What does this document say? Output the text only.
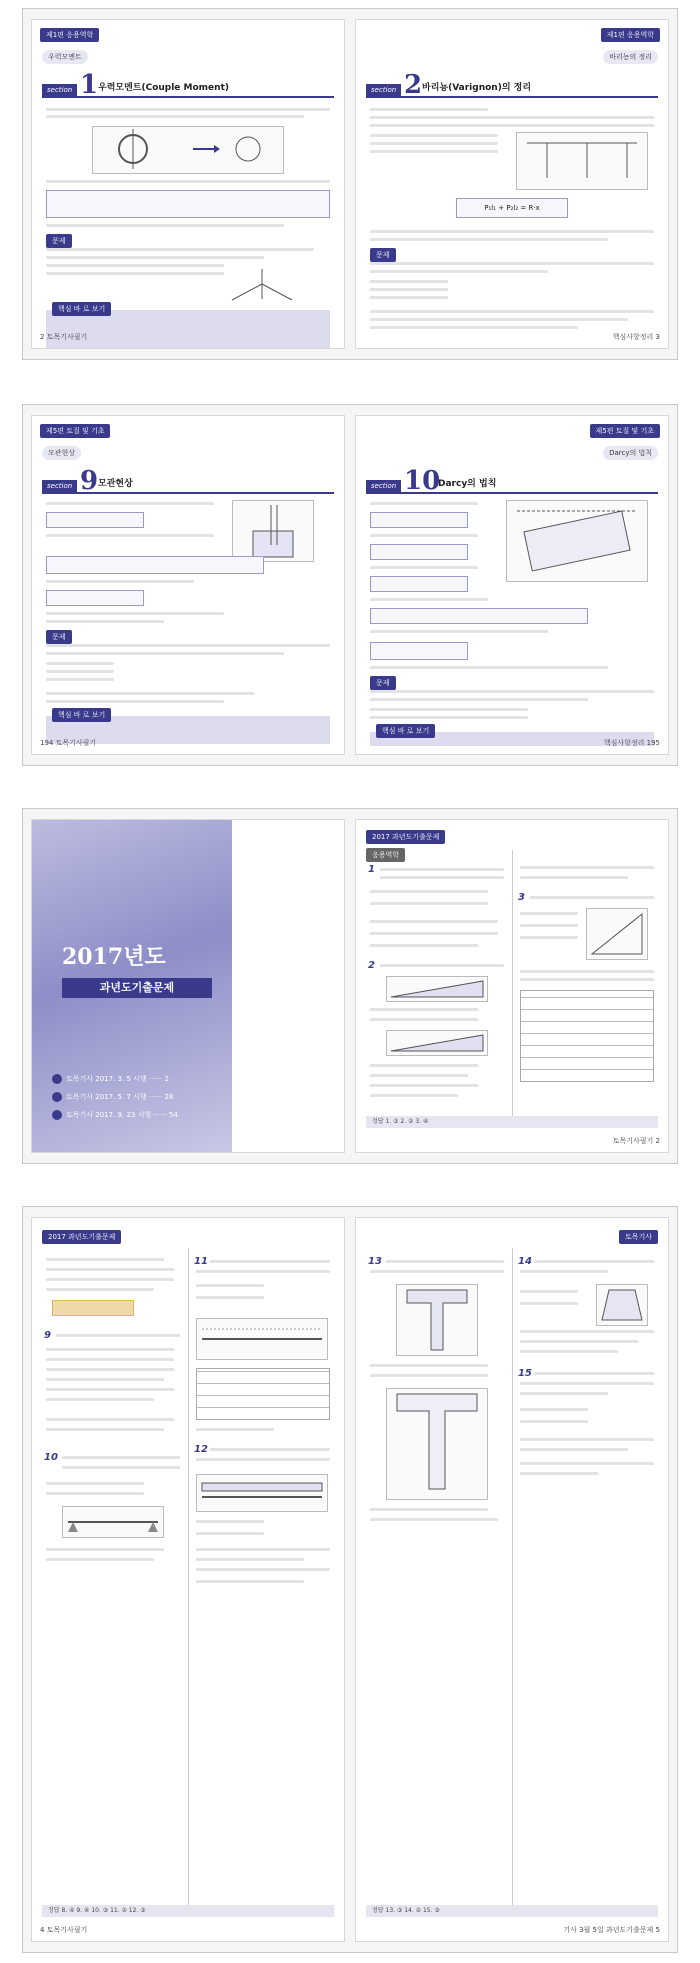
제1편 응용역학
우력모멘트
section 1 우력모멘트(Couple Moment)
문제
핵심 바 로 보기
2 토목기사필기
제1편 응용역학
바리뇽의 정리
section 2 바리뇽(Varignon)의 정리
P₁l₁ + P₂l₂ = R·x
문제
핵심사항정리 3
제5편 토질 및 기초
모관현상
section 9 모관현상
문제
핵심 바 로 보기
194 토목기사필기
제5편 토질 및 기초
Darcy의 법칙
section 10
Darcy의 법칙
문제
핵심 바 로 보기
핵심사항정리 195
2017년도
과년도기출문제
토목기사 2017. 3. 5 시행 ······ 2
토목기사 2017. 5. 7 시행 ······ 28
토목기사 2017. 9. 23 시행 ······ 54
2017 과년도기출문제
응용역학
1
2
3
정답 1. ③ 2. ② 3. ④
토목기사필기 2
2017 과년도기출문제
9
10
11
12
정답 8. ④ 9. ④ 10. ③ 11. ② 12. ③
4 토목기사필기
토목기사
13	14
15
정답 13. ③ 14. ② 15. ③
기사 3월 5일 과년도기출문제 5
